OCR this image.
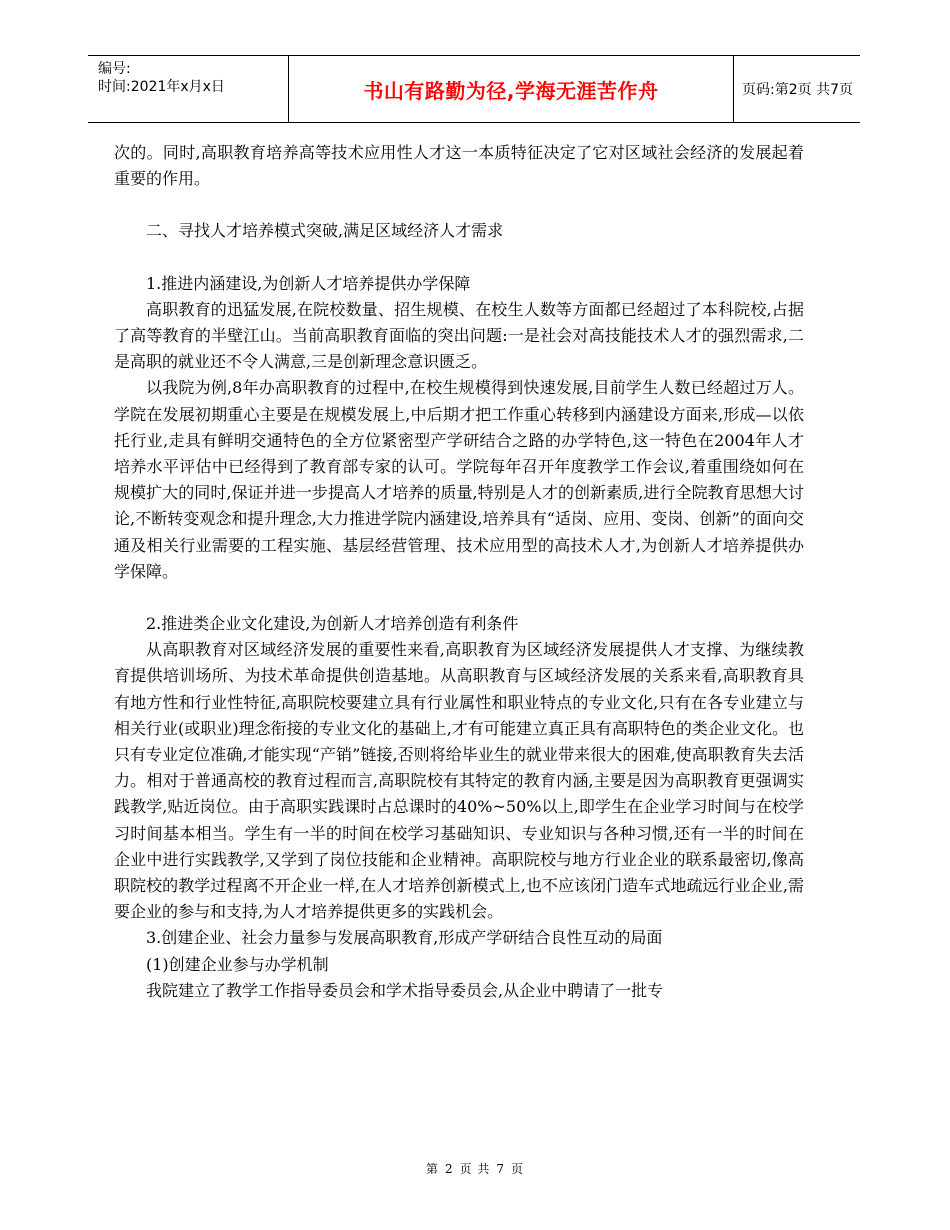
编号:
时间:2021年x月x日	书山有路勤为径,学海无涯苦作舟	页码:第2页 共7页

次的。同时,高职教育培养高等技术应用性人才这一本质特征决定了它对区域社会经济的发展起着重要的作用。

二、寻找人才培养模式突破,满足区域经济人才需求

1.推进内涵建设,为创新人才培养提供办学保障

高职教育的迅猛发展,在院校数量、招生规模、在校生人数等方面都已经超过了本科院校,占据了高等教育的半壁江山。当前高职教育面临的突出问题:一是社会对高技能技术人才的强烈需求,二是高职的就业还不令人满意,三是创新理念意识匮乏。

以我院为例,8年办高职教育的过程中,在校生规模得到快速发展,目前学生人数已经超过万人。学院在发展初期重心主要是在规模发展上,中后期才把工作重心转移到内涵建设方面来,形成—以依托行业,走具有鲜明交通特色的全方位紧密型产学研结合之路的办学特色,这一特色在2004年人才培养水平评估中已经得到了教育部专家的认可。学院每年召开年度教学工作会议,着重围绕如何在规模扩大的同时,保证并进一步提高人才培养的质量,特别是人才的创新素质,进行全院教育思想大讨论,不断转变观念和提升理念,大力推进学院内涵建设,培养具有“适岗、应用、变岗、创新”的面向交通及相关行业需要的工程实施、基层经营管理、技术应用型的高技术人才,为创新人才培养提供办学保障。

2.推进类企业文化建设,为创新人才培养创造有利条件

从高职教育对区域经济发展的重要性来看,高职教育为区域经济发展提供人才支撑、为继续教育提供培训场所、为技术革命提供创造基地。从高职教育与区域经济发展的关系来看,高职教育具有地方性和行业性特征,高职院校要建立具有行业属性和职业特点的专业文化,只有在各专业建立与相关行业(或职业)理念衔接的专业文化的基础上,才有可能建立真正具有高职特色的类企业文化。也只有专业定位准确,才能实现“产销”链接,否则将给毕业生的就业带来很大的困难,使高职教育失去活力。相对于普通高校的教育过程而言,高职院校有其特定的教育内涵,主要是因为高职教育更强调实践教学,贴近岗位。由于高职实践课时占总课时的40%~50%以上,即学生在企业学习时间与在校学习时间基本相当。学生有一半的时间在校学习基础知识、专业知识与各种习惯,还有一半的时间在企业中进行实践教学,又学到了岗位技能和企业精神。高职院校与地方行业企业的联系最密切,像高职院校的教学过程离不开企业一样,在人才培养创新模式上,也不应该闭门造车式地疏远行业企业,需要企业的参与和支持,为人才培养提供更多的实践机会。

3.创建企业、社会力量参与发展高职教育,形成产学研结合良性互动的局面

(1)创建企业参与办学机制

我院建立了教学工作指导委员会和学术指导委员会,从企业中聘请了一批专

第 2 页 共 7 页
